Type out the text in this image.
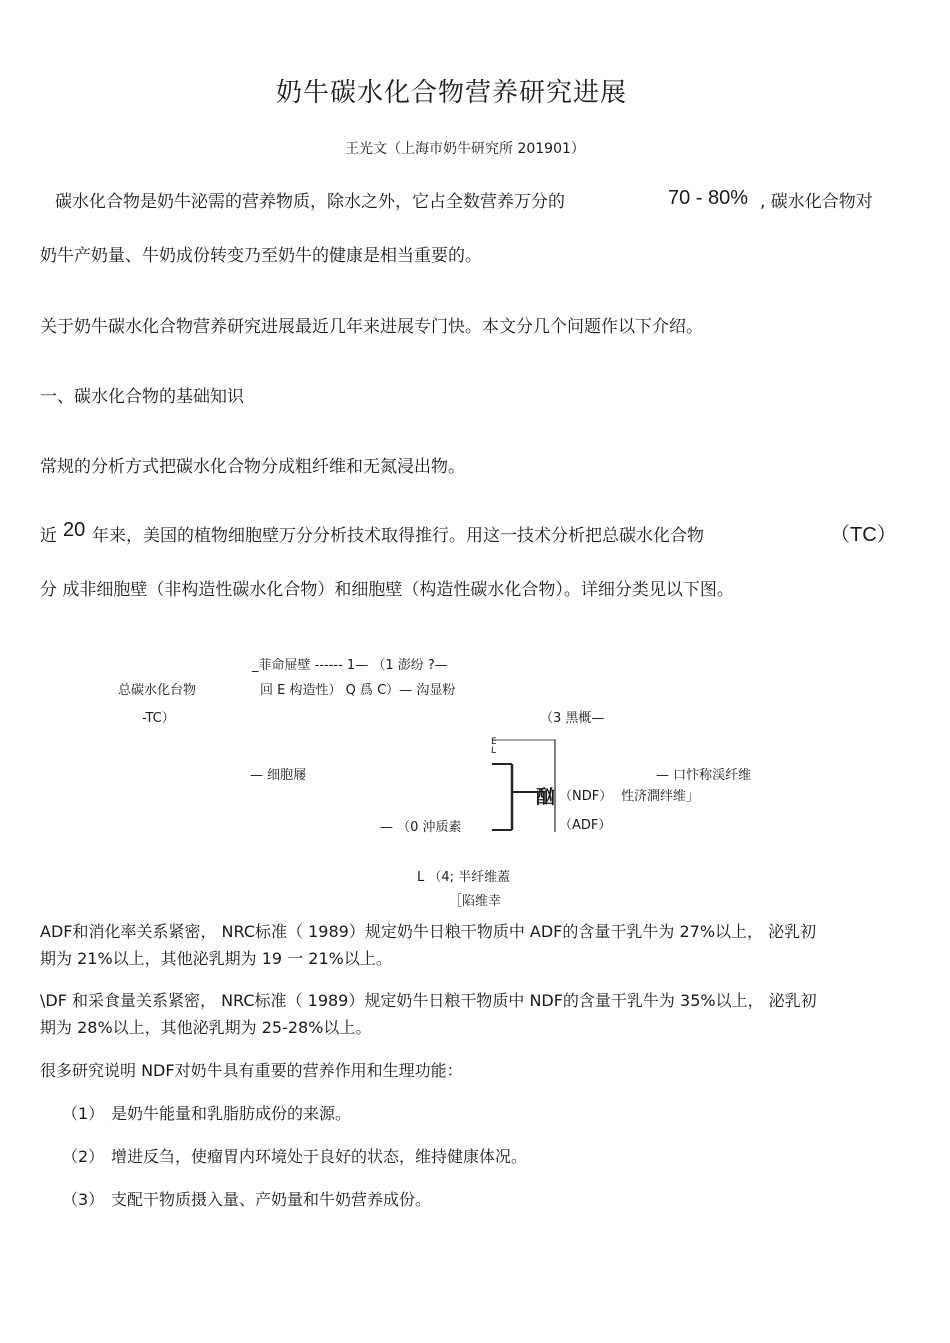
奶牛碳水化合物营养研究进展
王光文（上海市奶牛研究所 201901）
碳水化合物是奶牛泌需的营养物质，除水之外，它占全数营养万分的	70 - 80% , 碳水化合物对
奶牛产奶量、牛奶成份转变乃至奶牛的健康是相当重要的。
关于奶牛碳水化合物营养研究进展最近几年来进展专门快。本文分几个问题作以下介绍。
一、碳水化合物的基础知识
常规的分析方式把碳水化合物分成粗纤维和无氮浸出物。
近 20 年来，美国的植物细胞壁万分分析技术取得推行。用这一技术分析把总碳水化合物	（TC）
分 成非细胞壁（非构造性碳水化合物）和细胞壁（构造性碳水化合物）。详细分类见以下图。
_菲命屉壁 ------ 1— （1 澎纷 ?—
总碳水化台物	回 E 构造性） Q 爲 C）— 沟显粉
-TC）	（3 黑概—
— 细胞屦	— 口忭称渓纤维
E
L
酗 （NDF） 性济澗绊维」
— （0 沖质素	（ADF）
L （4; 半纤维蓋
［陷维幸
ADF和消化率关系紧密， NRC标准（ 1989）规定奶牛日粮干物质中 ADF的含量干乳牛为 27%以上， 泌乳初
期为 21%以上，其他泌乳期为 19 一 21%以上。
\DF 和采食量关系紧密， NRC标准（ 1989）规定奶牛日粮干物质中 NDF的含量干乳牛为 35%以上， 泌乳初
期为 28%以上，其他泌乳期为 25-28%以上。
很多研究说明 NDF对奶牛具有重要的营养作用和生理功能：
（1） 是奶牛能量和乳脂肪成份的来源。
（2） 增进反刍，使瘤胃内环境处于良好的状态，维持健康体况。
（3） 支配干物质摄入量、产奶量和牛奶营养成份。
